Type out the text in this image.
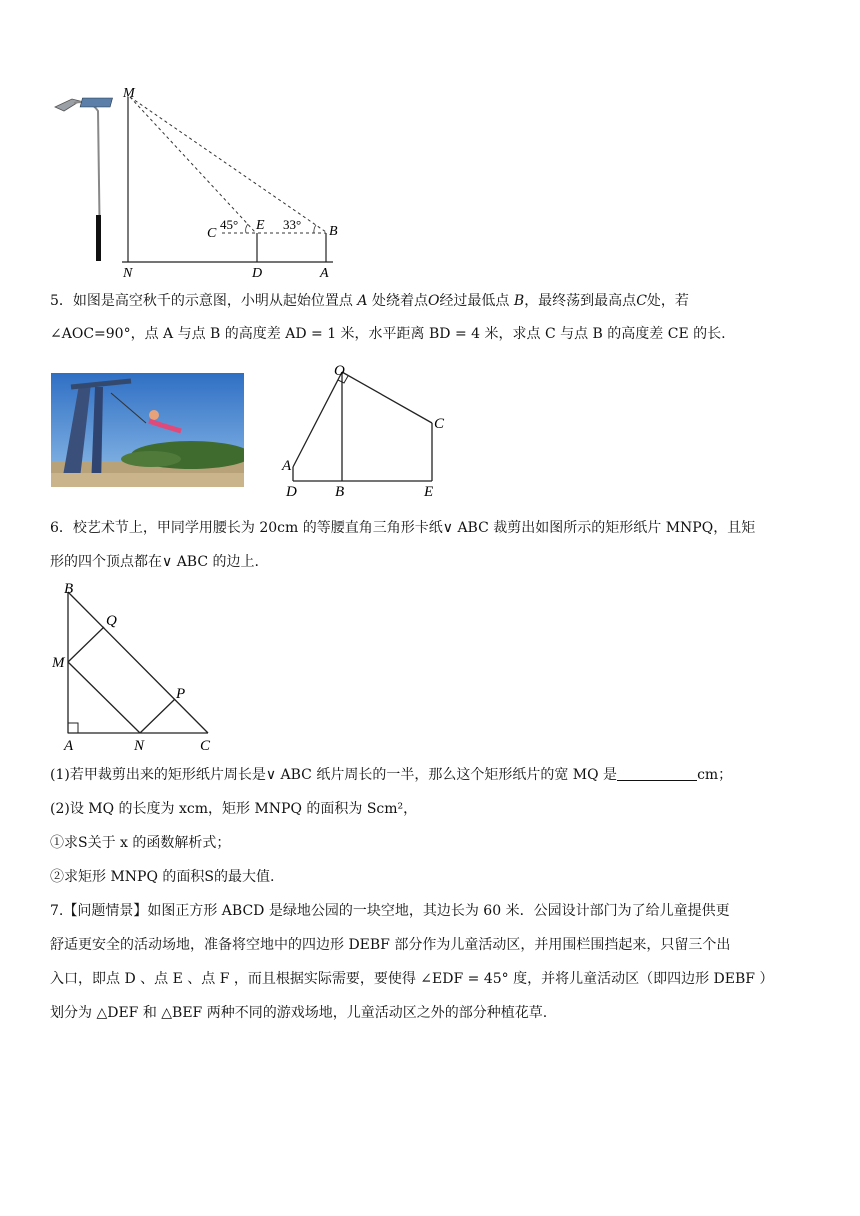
M
N	D	A
C
E	B
45°	33°

5．如图是高空秋千的示意图，小明从起始位置点 A 处绕着点O经过最低点 B，最终荡到最高点C处，若

∠AOC=90°，点 A 与点 B 的高度差 AD = 1 米，水平距离 BD = 4 米，求点 C 与点 B 的高度差 CE 的长.

O
A
C
D	B	E

6．校艺术节上，甲同学用腰长为 20cm 的等腰直角三角形卡纸∨ ABC 裁剪出如图所示的矩形纸片 MNPQ，且矩

形的四个顶点都在∨ ABC 的边上.

B
Q
M
P
A	N	C

(1)若甲裁剪出来的矩形纸片周长是∨ ABC 纸片周长的一半，那么这个矩形纸片的宽 MQ 是	cm；

(2)设 MQ 的长度为 xcm，矩形 MNPQ 的面积为 Scm²，

①求S关于 x 的函数解析式；

②求矩形 MNPQ 的面积S的最大值.

7.【问题情景】如图正方形 ABCD 是绿地公园的一块空地，其边长为 60 米．公园设计部门为了给儿童提供更

舒适更安全的活动场地，准备将空地中的四边形 DEBF 部分作为儿童活动区，并用围栏围挡起来，只留三个出

入口，即点 D 、点 E 、点 F ，而且根据实际需要，要使得 ∠EDF = 45° 度，并将儿童活动区（即四边形 DEBF ）

划分为 △DEF 和 △BEF 两种不同的游戏场地，儿童活动区之外的部分种植花草.
